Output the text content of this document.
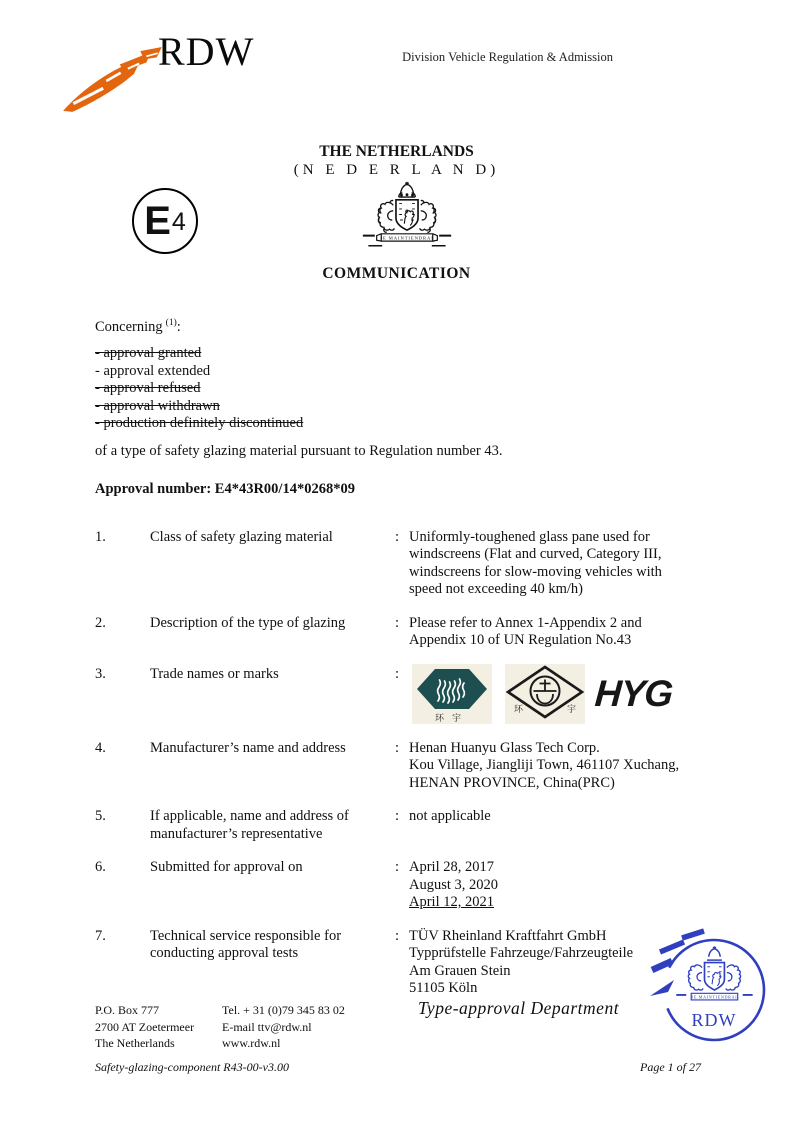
RDW	Division Vehicle Regulation & Admission
THE NETHERLANDS
(N E D E R L A N D)
E 4
JE MAINTIENDRAI
COMMUNICATION
Concerning $^{(1)}$:
- approval granted
- approval extended
- approval refused
- approval withdrawn
- production definitely discontinued
of a type of safety glazing material pursuant to Regulation number 43.
Approval number: E4*43R00/14*0268*09
1.	Class of safety glazing material	: Uniformly-toughened glass pane used for
windscreens (Flat and curved, Category III,
windscreens for slow-moving vehicles with
speed not exceeding 40 km/h)
2.	Description of the type of glazing	: Please refer to Annex 1-Appendix 2 and
Appendix 10 of UN Regulation No.43
3.	Trade names or marks	:
环宇
环	宇 HYG
4.	Manufacturer’s name and address	: Henan Huanyu Glass Tech Corp.
Kou Village, Jiangliji Town, 461107 Xuchang,
HENAN PROVINCE, China(PRC)
5.	If applicable, name and address of
manufacturer’s representative
: not applicable
6.	Submitted for approval on	: April 28, 2017
August 3, 2020
April 12, 2021
7.	Technical service responsible for
conducting approval tests
: TÜV Rheinland Kraftfahrt GmbH
Typprüfstelle Fahrzeuge/Fahrzeugteile
Am Grauen Stein
51105 Köln
P.O. Box 777
2700 AT Zoetermeer
The Netherlands
Tel. + 31 (0)79 345 83 02
E-mail ttv@rdw.nl
www.rdw.nl
Type-approval Department
Safety-glazing-component R43-00-v3.00	Page 1 of 27
JE MAINTIENDRAI
RDW
